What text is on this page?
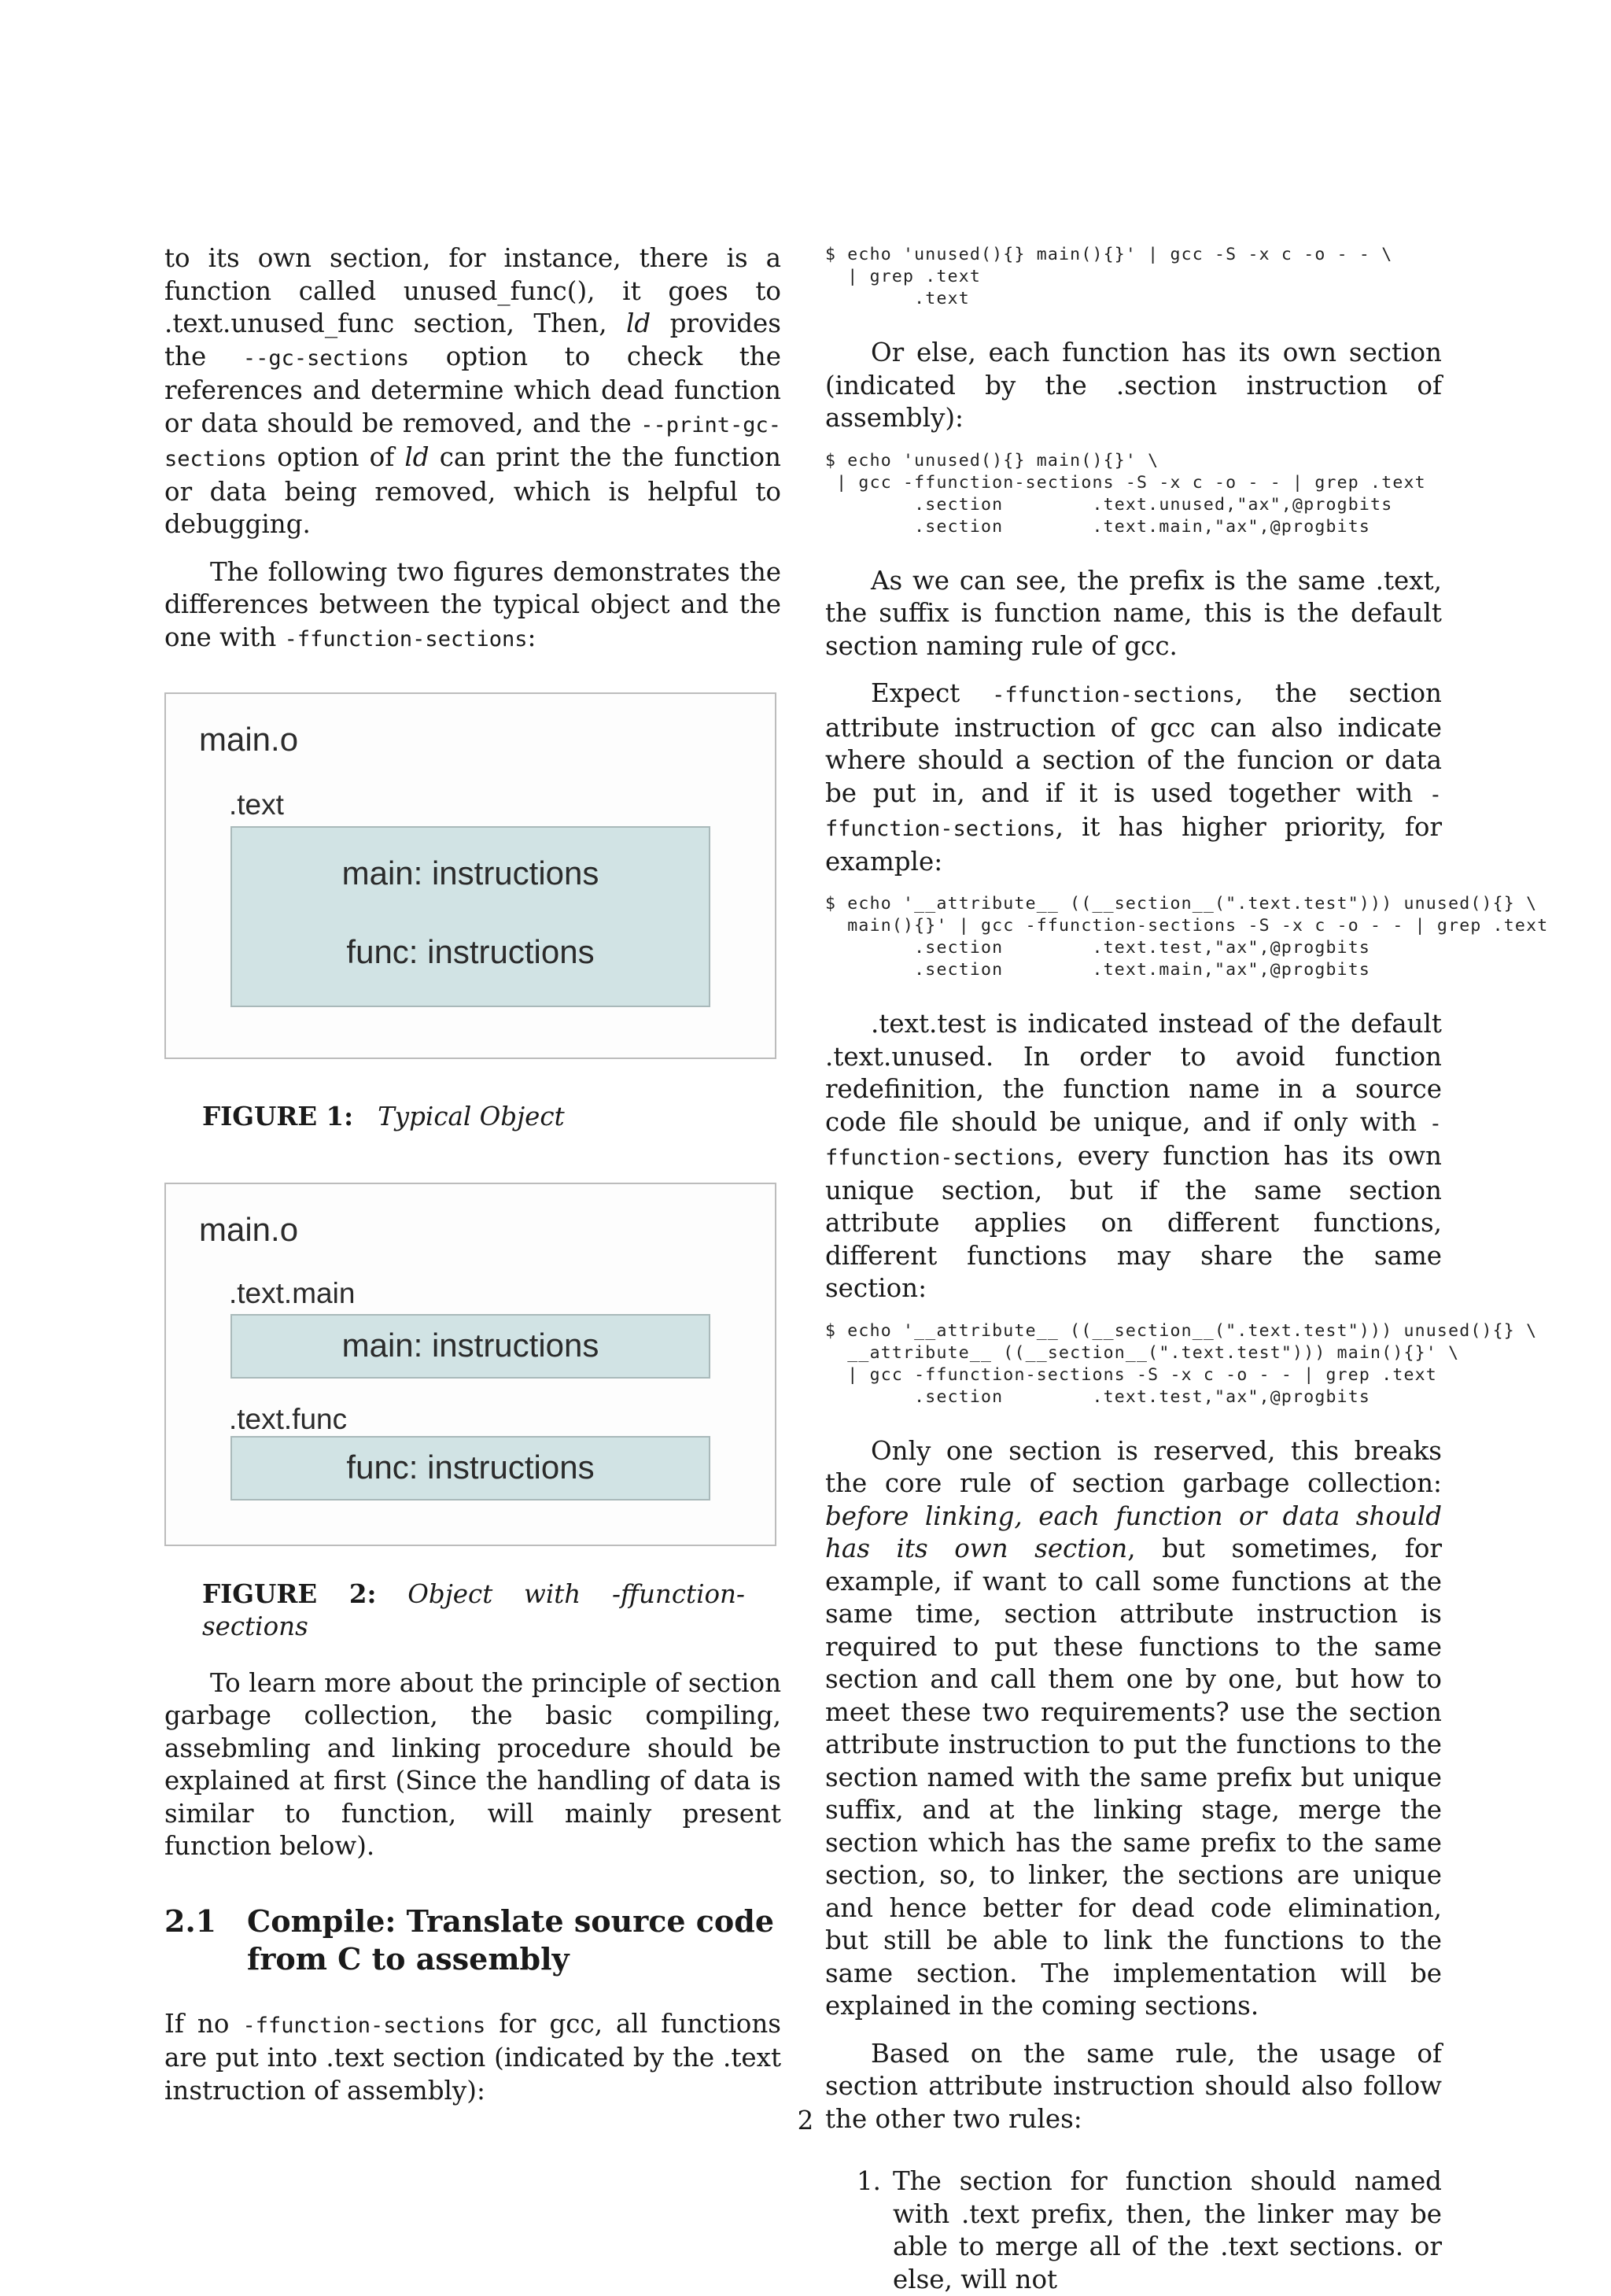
to its own section, for instance, there is a function called unused_func(), it goes to .text.unused_func section, Then, ld provides the --gc-sections option to check the references and determine which dead function or data should be removed, and the --print-gc-sections option of ld can print the the function or data being removed, which is helpful to debugging.

The following two figures demonstrates the differences between the typical object and the one with -ffunction-sections:

main.o
.text
main: instructions
func: instructions

FIGURE 1: Typical Object

main.o
.text.main
main: instructions
.text.func
func: instructions

FIGURE 2: Object with -ffunction-sections

To learn more about the principle of section garbage collection, the basic compiling, assebmling and linking procedure should be explained at first (Since the handling of data is similar to function, will mainly present function below).

2.1 Compile: Translate source code from C to assembly

If no -ffunction-sections for gcc, all functions are put into .text section (indicated by the .text instruction of assembly):

$ echo 'unused(){} main(){}' | gcc -S -x c -o - - \
| grep .text
.text

Or else, each function has its own section (indicated by the .section instruction of assembly):

$ echo 'unused(){} main(){}' \
| gcc -ffunction-sections -S -x c -o - - | grep .text
.section        .text.unused,"ax",@progbits
.section        .text.main,"ax",@progbits

As we can see, the prefix is the same .text, the suffix is function name, this is the default section naming rule of gcc.

Expect -ffunction-sections, the section attribute instruction of gcc can also indicate where should a section of the funcion or data be put in, and if it is used together with -ffunction-sections, it has higher priority, for example:

$ echo '__attribute__ ((__section__(".text.test"))) unused(){} \
main(){}' | gcc -ffunction-sections -S -x c -o - - | grep .text
.section        .text.test,"ax",@progbits
.section        .text.main,"ax",@progbits

.text.test is indicated instead of the default .text.unused. In order to avoid function redefinition, the function name in a source code file should be unique, and if only with -ffunction-sections, every function has its own unique section, but if the same section attribute applies on different functions, different functions may share the same section:

$ echo '__attribute__ ((__section__(".text.test"))) unused(){} \
__attribute__ ((__section__(".text.test"))) main(){}' \
| gcc -ffunction-sections -S -x c -o - - | grep .text
.section        .text.test,"ax",@progbits

Only one section is reserved, this breaks the core rule of section garbage collection: before linking, each function or data should has its own section, but sometimes, for example, if want to call some functions at the same time, section attribute instruction is required to put these functions to the same section and call them one by one, but how to meet these two requirements? use the section attribute instruction to put the functions to the section named with the same prefix but unique suffix, and at the linking stage, merge the section which has the same prefix to the same section, so, to linker, the sections are unique and hence better for dead code elimination, but still be able to link the functions to the same section. The implementation will be explained in the coming sections.

Based on the same rule, the usage of section attribute instruction should also follow the other two rules:

1. The section for function should named with .text prefix, then, the linker may be able to merge all of the .text sections. or else, will not
2
